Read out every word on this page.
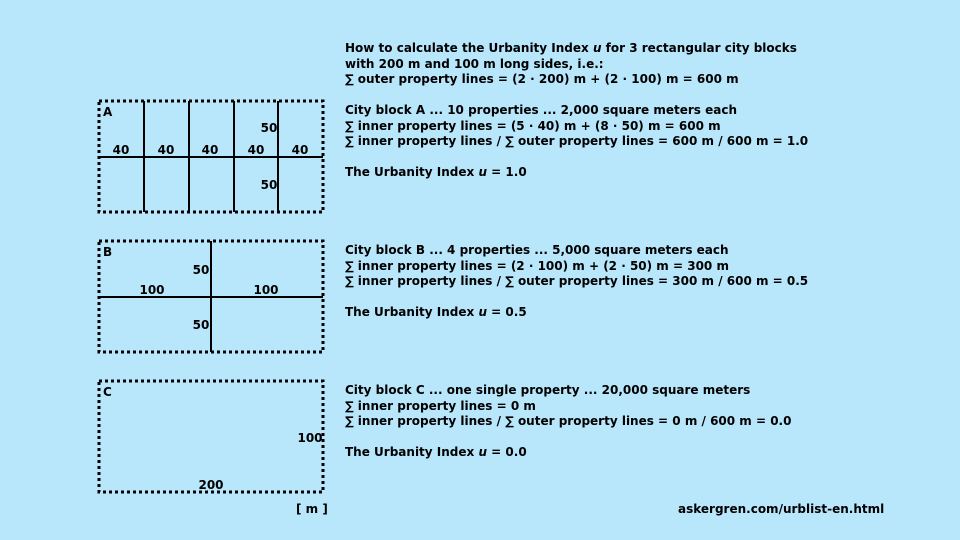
A
40 40 40 40 40
50
50
B
100	100
50
50
C
100
200
How to calculate the Urbanity Index u for 3 rectangular city blocks
with 200 m and 100 m long sides, i.e.:
∑ outer property lines = (2 · 200) m + (2 · 100) m = 600 m
City block A ... 10 properties ... 2,000 square meters each
∑ inner property lines = (5 · 40) m + (8 · 50) m = 600 m
∑ inner property lines / ∑ outer property lines = 600 m / 600 m = 1.0
The Urbanity Index u = 1.0
City block B ... 4 properties ... 5,000 square meters each
∑ inner property lines = (2 · 100) m + (2 · 50) m = 300 m
∑ inner property lines / ∑ outer property lines = 300 m / 600 m = 0.5
The Urbanity Index u = 0.5
City block C ... one single property ... 20,000 square meters
∑ inner property lines = 0 m
∑ inner property lines / ∑ outer property lines = 0 m / 600 m = 0.0
The Urbanity Index u = 0.0
[ m ]	askergren.com/urblist-en.html
